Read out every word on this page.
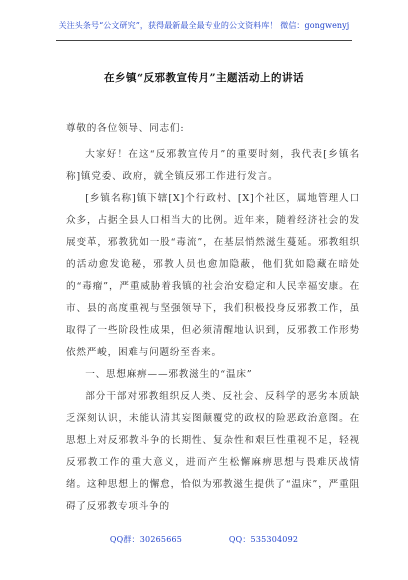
关注头条号“公文研究”，获得最新最全最专业的公文资料库！ 微信：gongwenyj
在乡镇“反邪教宣传月”主题活动上的讲话

尊敬的各位领导、同志们:

大家好！在这“反邪教宣传月”的重要时刻，我代表[乡镇名称]镇党委、政府，就全镇反邪工作进行发言。

[乡镇名称]镇下辖[X]个行政村、[X]个社区，属地管理人口众多，占据全县人口相当大的比例。近年来，随着经济社会的发展变革，邪教犹如一股“毒流”，在基层悄然滋生蔓延。邪教组织的活动愈发诡秘，邪教人员也愈加隐蔽，他们犹如隐藏在暗处的“毒瘤”，严重威胁着我镇的社会治安稳定和人民幸福安康。在市、县的高度重视与坚强领导下，我们积极投身反邪教工作，虽取得了一些阶段性成果，但必须清醒地认识到，反邪教工作形势依然严峻，困难与问题纷至沓来。

一、思想麻痹——邪教滋生的“温床”

部分干部对邪教组织反人类、反社会、反科学的恶劣本质缺乏深刻认识，未能认清其妄图颠覆党的政权的险恶政治意图。在思想上对反邪教斗争的长期性、复杂性和艰巨性重视不足，轻视反邪教工作的重大意义，进而产生松懈麻痹思想与畏难厌战情绪。这种思想上的懈怠，恰似为邪教滋生提供了“温床”，严重阻碍了反邪教专项斗争的

QQ群：30265665	QQ：535304092
